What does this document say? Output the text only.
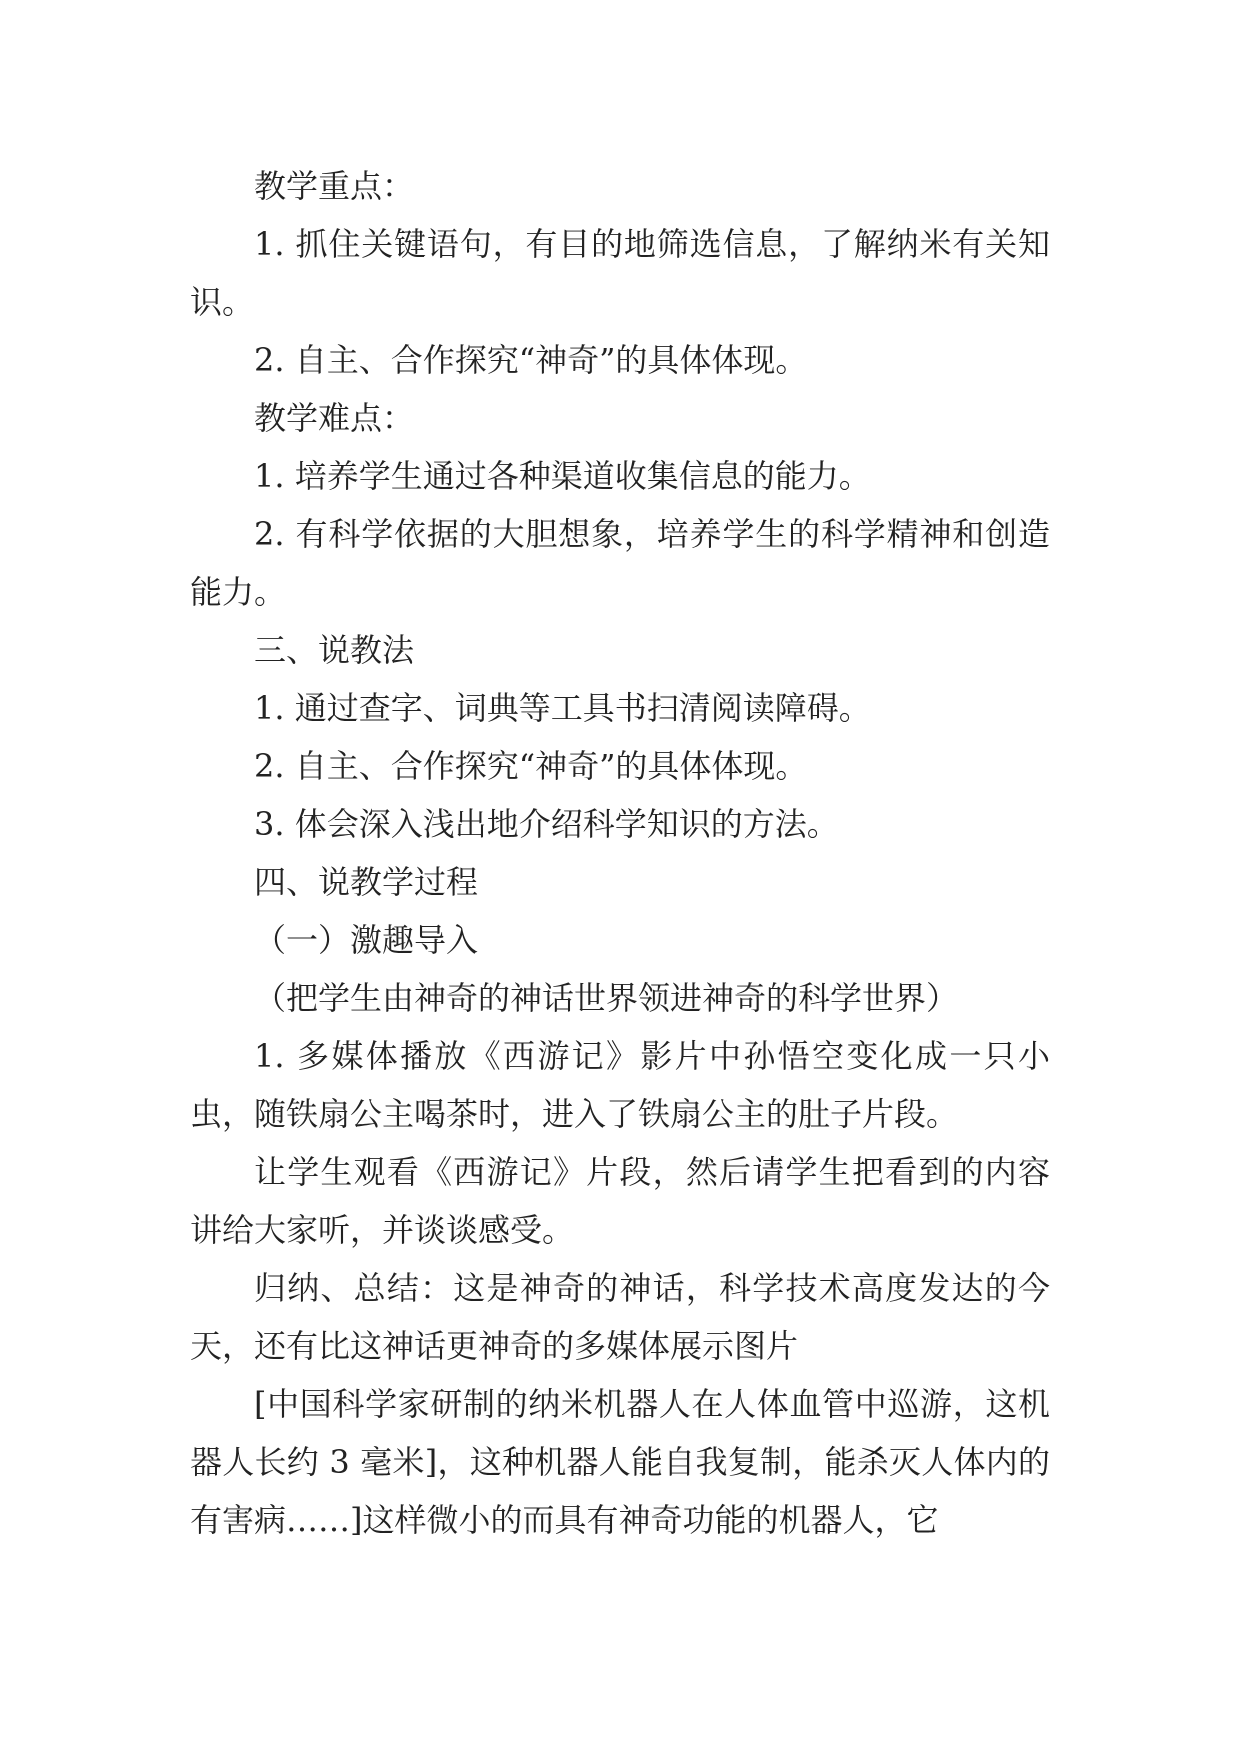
教学重点：

1. 抓住关键语句，有目的地筛选信息，了解纳米有关知识。

2. 自主、合作探究“神奇”的具体体现。

教学难点：

1. 培养学生通过各种渠道收集信息的能力。

2. 有科学依据的大胆想象，培养学生的科学精神和创造能力。

三、说教法

1. 通过查字、词典等工具书扫清阅读障碍。

2. 自主、合作探究“神奇”的具体体现。

3. 体会深入浅出地介绍科学知识的方法。

四、说教学过程

（一）激趣导入

（把学生由神奇的神话世界领进神奇的科学世界）

1. 多媒体播放《西游记》影片中孙悟空变化成一只小虫，随铁扇公主喝茶时，进入了铁扇公主的肚子片段。

让学生观看《西游记》片段，然后请学生把看到的内容讲给大家听，并谈谈感受。

归纳、总结：这是神奇的神话，科学技术高度发达的今天，还有比这神话更神奇的多媒体展示图片

[中国科学家研制的纳米机器人在人体血管中巡游，这机器人长约 3 毫米]，这种机器人能自我复制，能杀灭人体内的有害病……]这样微小的而具有神奇功能的机器人，它
